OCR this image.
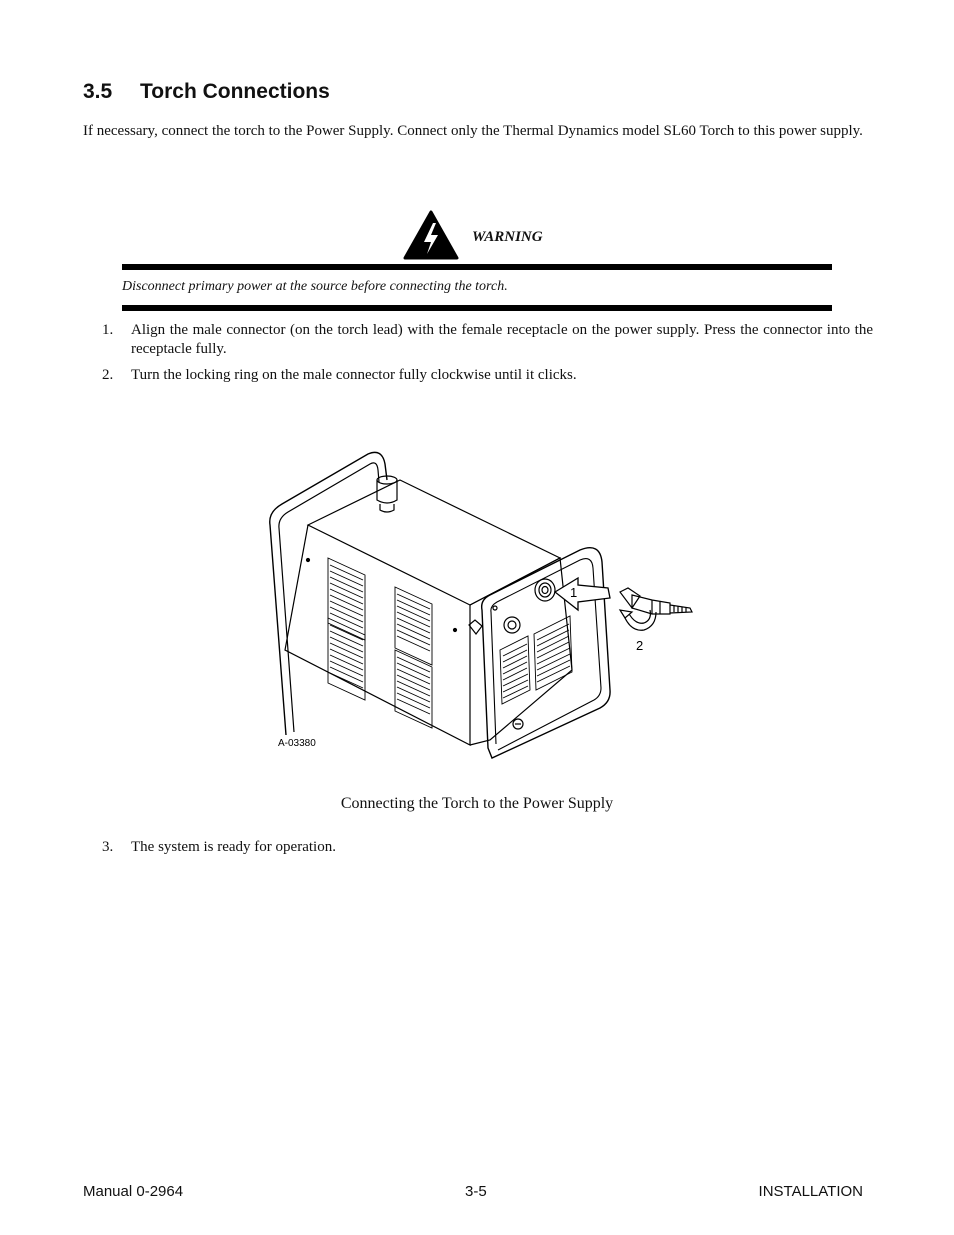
3.5 Torch Connections

If necessary, connect the torch to the Power Supply. Connect only the Thermal Dynamics model SL60 Torch to this power supply.

WARNING
Disconnect primary power at the source before connecting the torch.
1. Align the male connector (on the torch lead) with the female receptacle on the power supply. Press the connector into the receptacle fully.
2. Turn the locking ring on the male connector fully clockwise until it clicks.
1
2
A-03380
Connecting the Torch to the Power Supply
3. The system is ready for operation.
Manual 0-2964	3-5	INSTALLATION
